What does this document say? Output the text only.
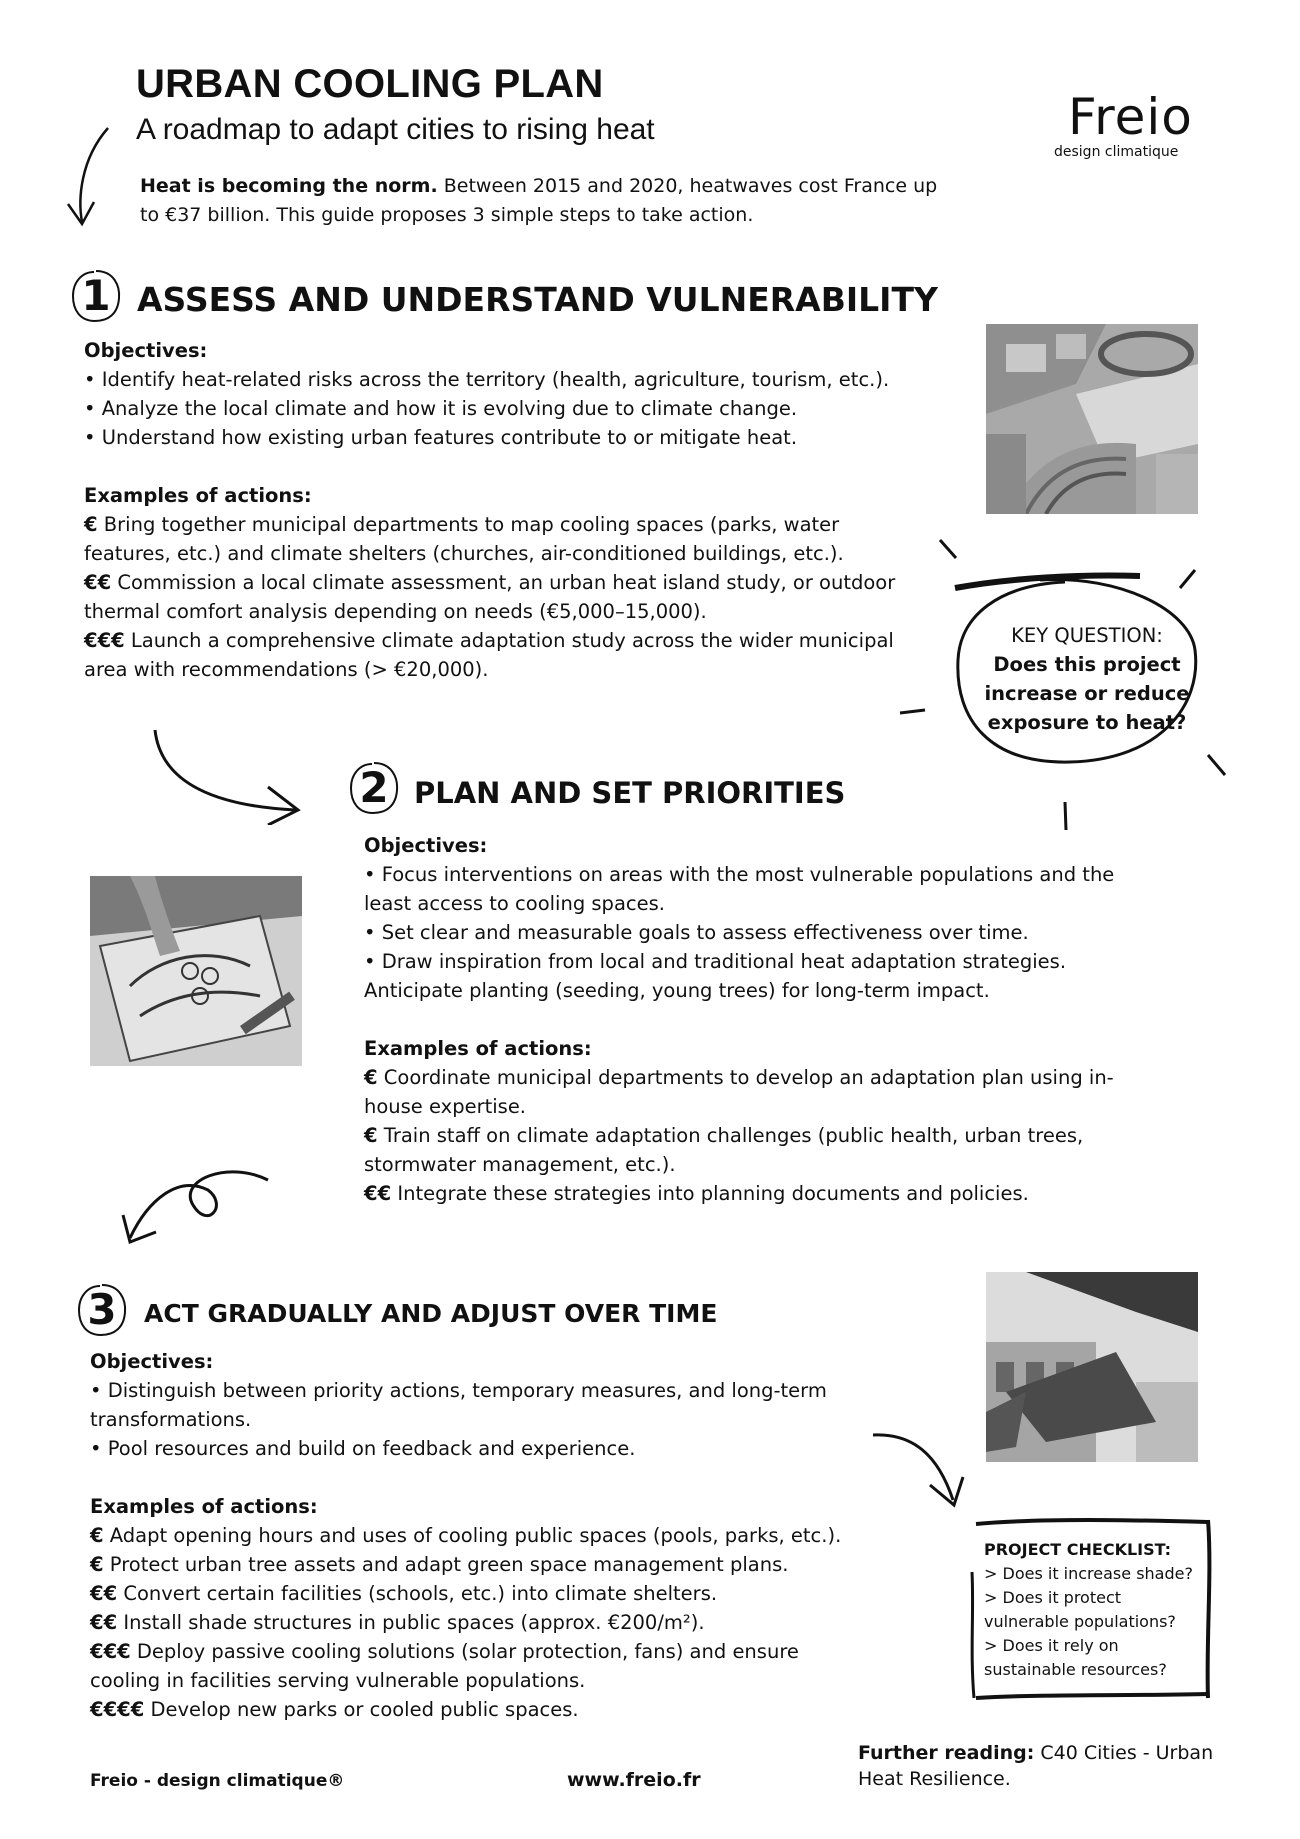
URBAN COOLING PLAN
A roadmap to adapt cities to rising heat
Heat is becoming the norm. Between 2015 and 2020, heatwaves cost France up to €37 billion. This guide proposes 3 simple steps to take action.
Freio
design climatique
1 ASSESS AND UNDERSTAND VULNERABILITY

Objectives:

• Identify heat-related risks across the territory (health, agriculture, tourism, etc.).

• Analyze the local climate and how it is evolving due to climate change.

• Understand how existing urban features contribute to or mitigate heat.

Examples of actions:

€ Bring together municipal departments to map cooling spaces (parks, water features, etc.) and climate shelters (churches, air-conditioned buildings, etc.).

€€ Commission a local climate assessment, an urban heat island study, or outdoor thermal comfort analysis depending on needs (€5,000–15,000).

€€€ Launch a comprehensive climate adaptation study across the wider municipal area with recommendations (> €20,000).

KEY QUESTION:
Does this project increase or reduce exposure to heat?
2 PLAN AND SET PRIORITIES

Objectives:

• Focus interventions on areas with the most vulnerable populations and the least access to cooling spaces.

• Set clear and measurable goals to assess effectiveness over time.

• Draw inspiration from local and traditional heat adaptation strategies. Anticipate planting (seeding, young trees) for long-term impact.

Examples of actions:

€ Coordinate municipal departments to develop an adaptation plan using in-house expertise.

€ Train staff on climate adaptation challenges (public health, urban trees, stormwater management, etc.).

€€ Integrate these strategies into planning documents and policies.

3	ACT GRADUALLY AND ADJUST OVER TIME

Objectives:

• Distinguish between priority actions, temporary measures, and long-term transformations.

• Pool resources and build on feedback and experience.

Examples of actions:

€ Adapt opening hours and uses of cooling public spaces (pools, parks, etc.).

€ Protect urban tree assets and adapt green space management plans.

€€ Convert certain facilities (schools, etc.) into climate shelters.

€€ Install shade structures in public spaces (approx. €200/m²).

€€€ Deploy passive cooling solutions (solar protection, fans) and ensure cooling in facilities serving vulnerable populations.

€€€€ Develop new parks or cooled public spaces.

PROJECT CHECKLIST:
> Does it increase shade?
> Does it protect vulnerable populations?
> Does it rely on sustainable resources?
Further reading: C40 Cities - Urban Heat Resilience.
Freio - design climatique®	www.freio.fr
